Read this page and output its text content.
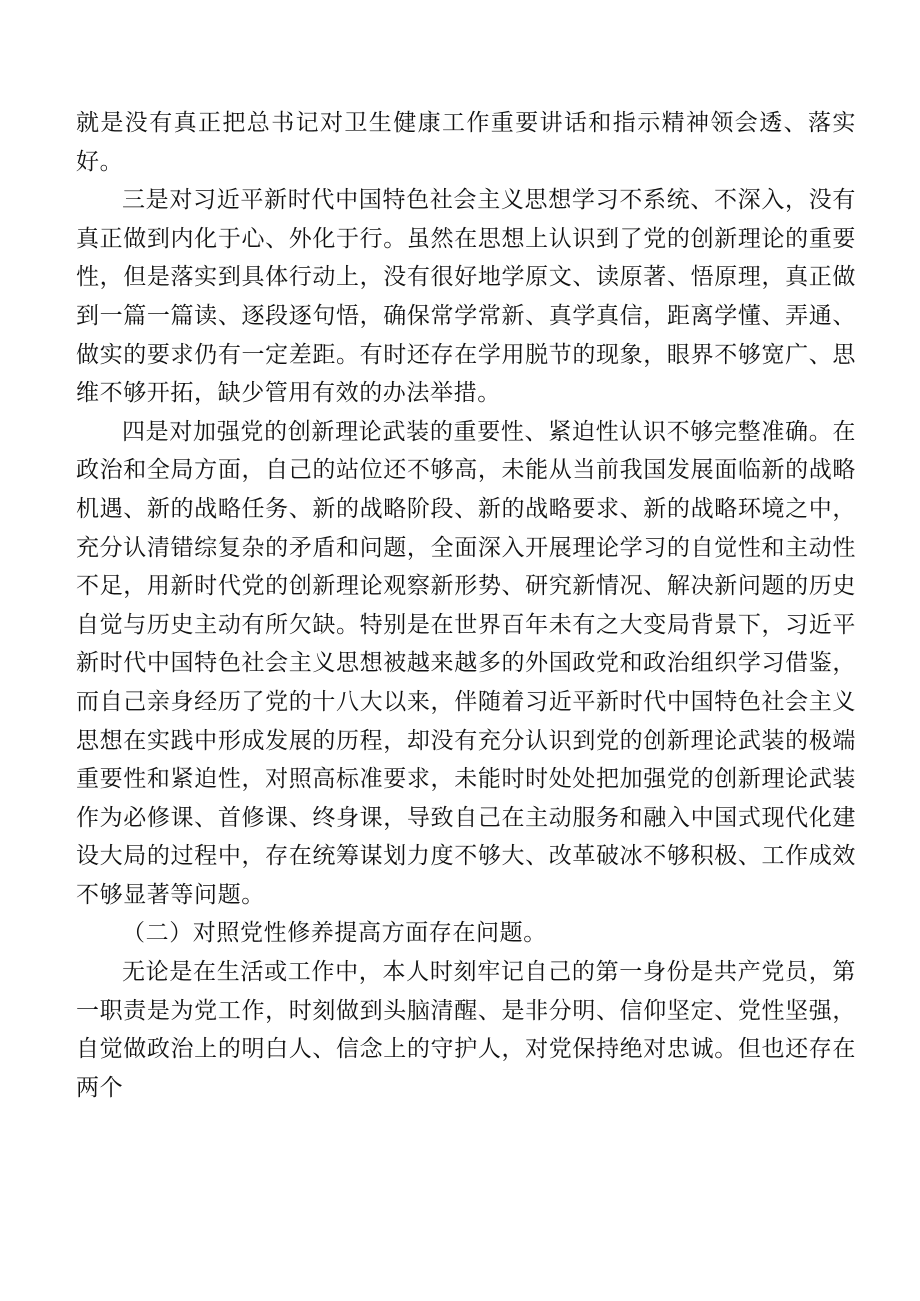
就是没有真正把总书记对卫生健康工作重要讲话和指示精神领会透、落实好。

三是对习近平新时代中国特色社会主义思想学习不系统、不深入，没有真正做到内化于心、外化于行。虽然在思想上认识到了党的创新理论的重要性，但是落实到具体行动上，没有很好地学原文、读原著、悟原理，真正做到一篇一篇读、逐段逐句悟，确保常学常新、真学真信，距离学懂、弄通、做实的要求仍有一定差距。有时还存在学用脱节的现象，眼界不够宽广、思维不够开拓，缺少管用有效的办法举措。

四是对加强党的创新理论武装的重要性、紧迫性认识不够完整准确。在政治和全局方面，自己的站位还不够高，未能从当前我国发展面临新的战略机遇、新的战略任务、新的战略阶段、新的战略要求、新的战略环境之中，充分认清错综复杂的矛盾和问题，全面深入开展理论学习的自觉性和主动性不足，用新时代党的创新理论观察新形势、研究新情况、解决新问题的历史自觉与历史主动有所欠缺。特别是在世界百年未有之大变局背景下，习近平新时代中国特色社会主义思想被越来越多的外国政党和政治组织学习借鉴，而自己亲身经历了党的十八大以来，伴随着习近平新时代中国特色社会主义思想在实践中形成发展的历程，却没有充分认识到党的创新理论武装的极端重要性和紧迫性，对照高标准要求，未能时时处处把加强党的创新理论武装作为必修课、首修课、终身课，导致自己在主动服务和融入中国式现代化建设大局的过程中，存在统筹谋划力度不够大、改革破冰不够积极、工作成效不够显著等问题。

（二）对照党性修养提高方面存在问题。

无论是在生活或工作中，本人时刻牢记自己的第一身份是共产党员，第一职责是为党工作，时刻做到头脑清醒、是非分明、信仰坚定、党性坚强，自觉做政治上的明白人、信念上的守护人，对党保持绝对忠诚。但也还存在两个
